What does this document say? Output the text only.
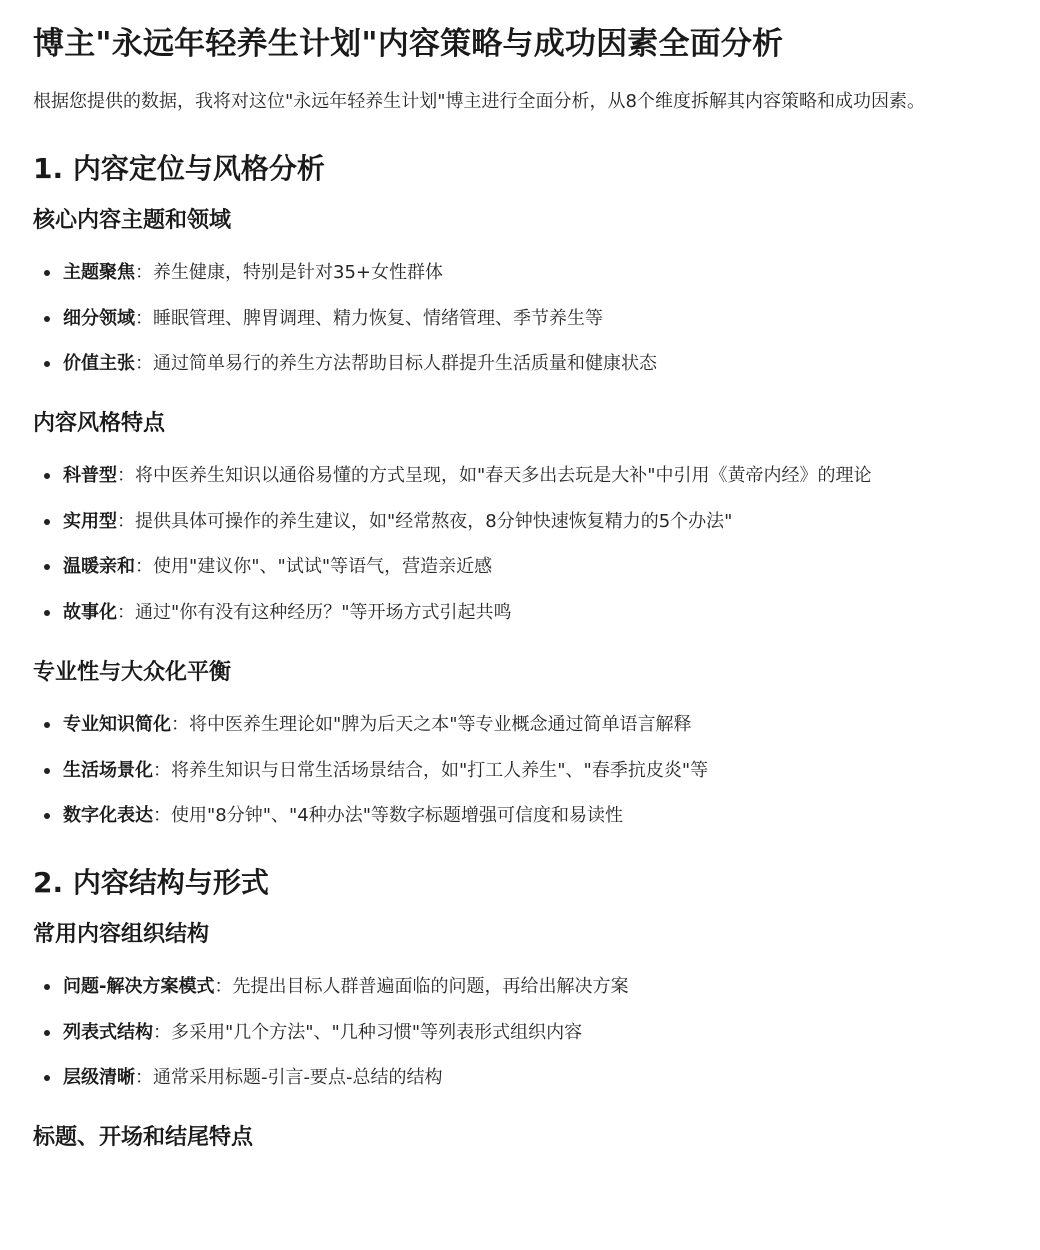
博主"永远年轻养生计划"内容策略与成功因素全面分析

根据您提供的数据，我将对这位"永远年轻养生计划"博主进行全面分析，从8个维度拆解其内容策略和成功因素。

1. 内容定位与风格分析
核心内容主题和领域
主题聚焦：养生健康，特别是针对35+女性群体
细分领域：睡眠管理、脾胃调理、精力恢复、情绪管理、季节养生等
价值主张：通过简单易行的养生方法帮助目标人群提升生活质量和健康状态
内容风格特点
科普型：将中医养生知识以通俗易懂的方式呈现，如"春天多出去玩是大补"中引用《黄帝内经》的理论
实用型：提供具体可操作的养生建议，如"经常熬夜，8分钟快速恢复精力的5个办法"
温暖亲和：使用"建议你"、"试试"等语气，营造亲近感
故事化：通过"你有没有这种经历？"等开场方式引起共鸣
专业性与大众化平衡
专业知识简化：将中医养生理论如"脾为后天之本"等专业概念通过简单语言解释
生活场景化：将养生知识与日常生活场景结合，如"打工人养生"、"春季抗皮炎"等
数字化表达：使用"8分钟"、"4种办法"等数字标题增强可信度和易读性
2. 内容结构与形式
常用内容组织结构
问题-解决方案模式：先提出目标人群普遍面临的问题，再给出解决方案
列表式结构：多采用"几个方法"、"几种习惯"等列表形式组织内容
层级清晰：通常采用标题-引言-要点-总结的结构
标题、开场和结尾特点
